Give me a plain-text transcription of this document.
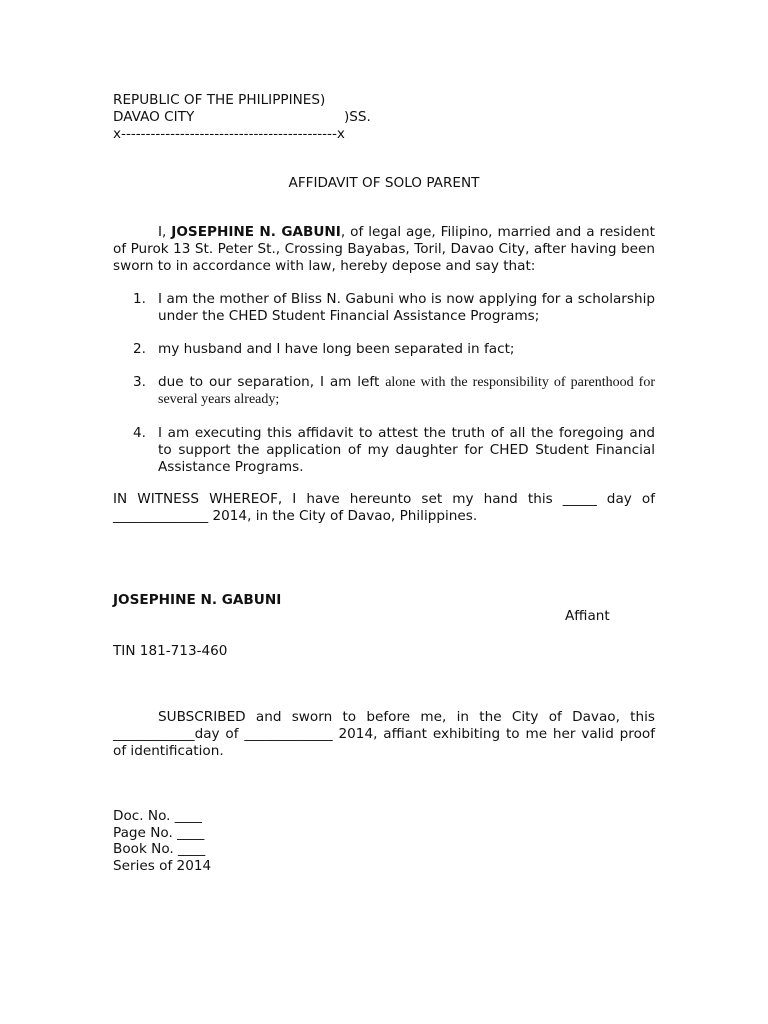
REPUBLIC OF THE PHILIPPINES)
DAVAO CITY	)SS.
x--------------------------------------------x
AFFIDAVIT OF SOLO PARENT
I, JOSEPHINE N. GABUNI, of legal age, Filipino, married and a resident of Purok 13 St. Peter St., Crossing Bayabas, Toril, Davao City, after having been sworn to in accordance with law, hereby depose and say that:
1. I am the mother of Bliss N. Gabuni who is now applying for a scholarship under the CHED Student Financial Assistance Programs;
2. my husband and I have long been separated in fact;
3. due to our separation, I am left alone with the responsibility of parenthood for several years already;
4. I am executing this affidavit to attest the truth of all the foregoing and to support the application of my daughter for CHED Student Financial Assistance Programs.
IN WITNESS WHEREOF, I have hereunto set my hand this _____ day of ______________ 2014, in the City of Davao, Philippines.
JOSEPHINE N. GABUNI
Affiant
TIN 181-713-460
SUBSCRIBED and sworn to before me, in the City of Davao, this ____________day of _____________ 2014, affiant exhibiting to me her valid proof of identification.
Doc. No. ____
Page No. ____
Book No. ____
Series of 2014
